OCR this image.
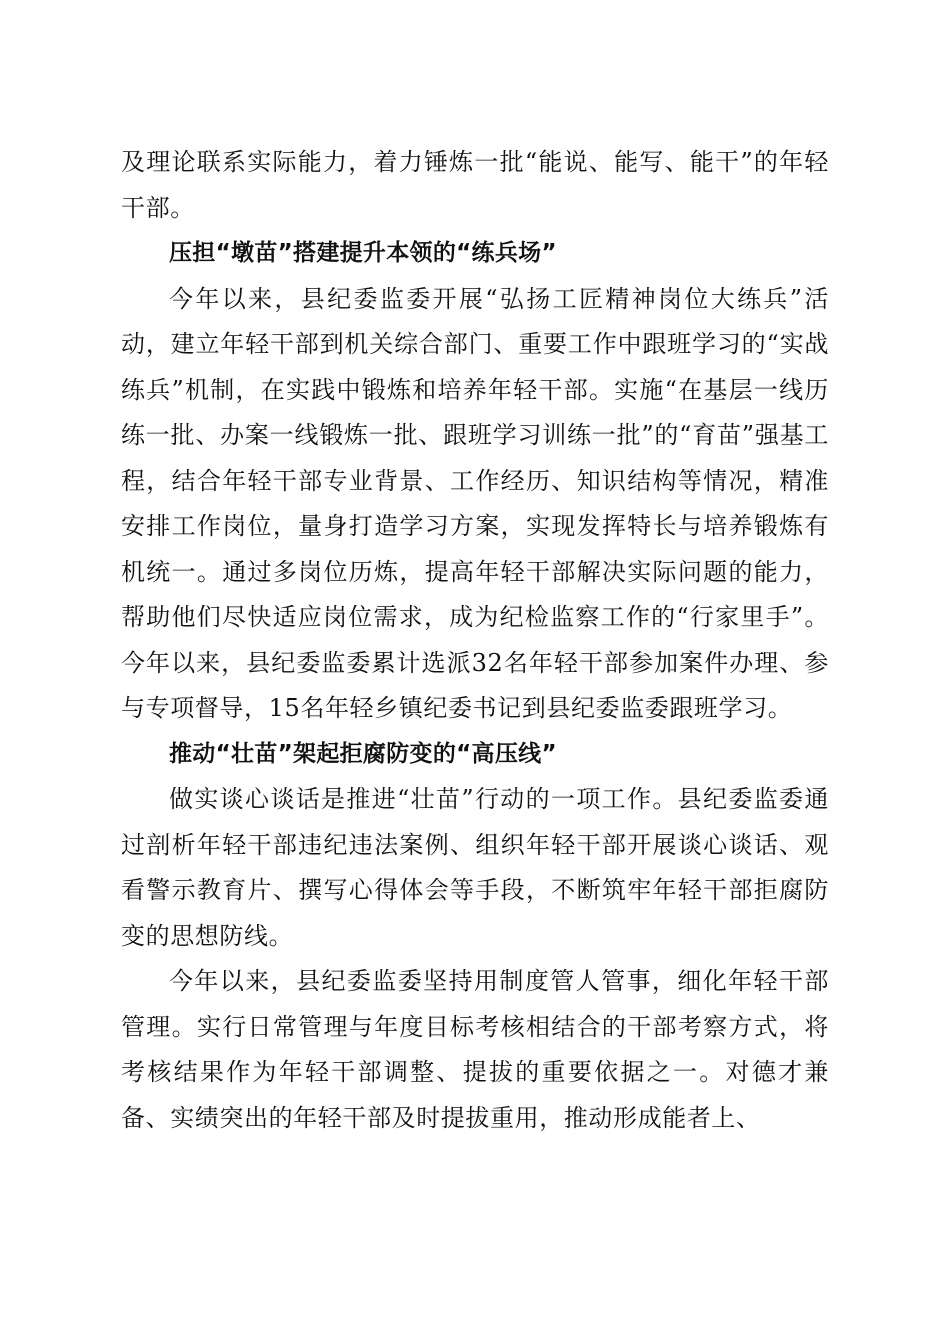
及理论联系实际能力，着力锤炼一批“能说、能写、能干”的年轻干部。

压担“墩苗”搭建提升本领的“练兵场”

今年以来，县纪委监委开展“弘扬工匠精神岗位大练兵”活动，建立年轻干部到机关综合部门、重要工作中跟班学习的“实战练兵”机制，在实践中锻炼和培养年轻干部。实施“在基层一线历练一批、办案一线锻炼一批、跟班学习训练一批”的“育苗”强基工程，结合年轻干部专业背景、工作经历、知识结构等情况，精准安排工作岗位，量身打造学习方案，实现发挥特长与培养锻炼有机统一。通过多岗位历炼，提高年轻干部解决实际问题的能力，帮助他们尽快适应岗位需求，成为纪检监察工作的“行家里手”。今年以来，县纪委监委累计选派32名年轻干部参加案件办理、参与专项督导，15名年轻乡镇纪委书记到县纪委监委跟班学习。

推动“壮苗”架起拒腐防变的“高压线”

做实谈心谈话是推进“壮苗”行动的一项工作。县纪委监委通过剖析年轻干部违纪违法案例、组织年轻干部开展谈心谈话、观看警示教育片、撰写心得体会等手段，不断筑牢年轻干部拒腐防变的思想防线。

今年以来，县纪委监委坚持用制度管人管事，细化年轻干部管理。实行日常管理与年度目标考核相结合的干部考察方式，将考核结果作为年轻干部调整、提拔的重要依据之一。对德才兼备、实绩突出的年轻干部及时提拔重用，推动形成能者上、
